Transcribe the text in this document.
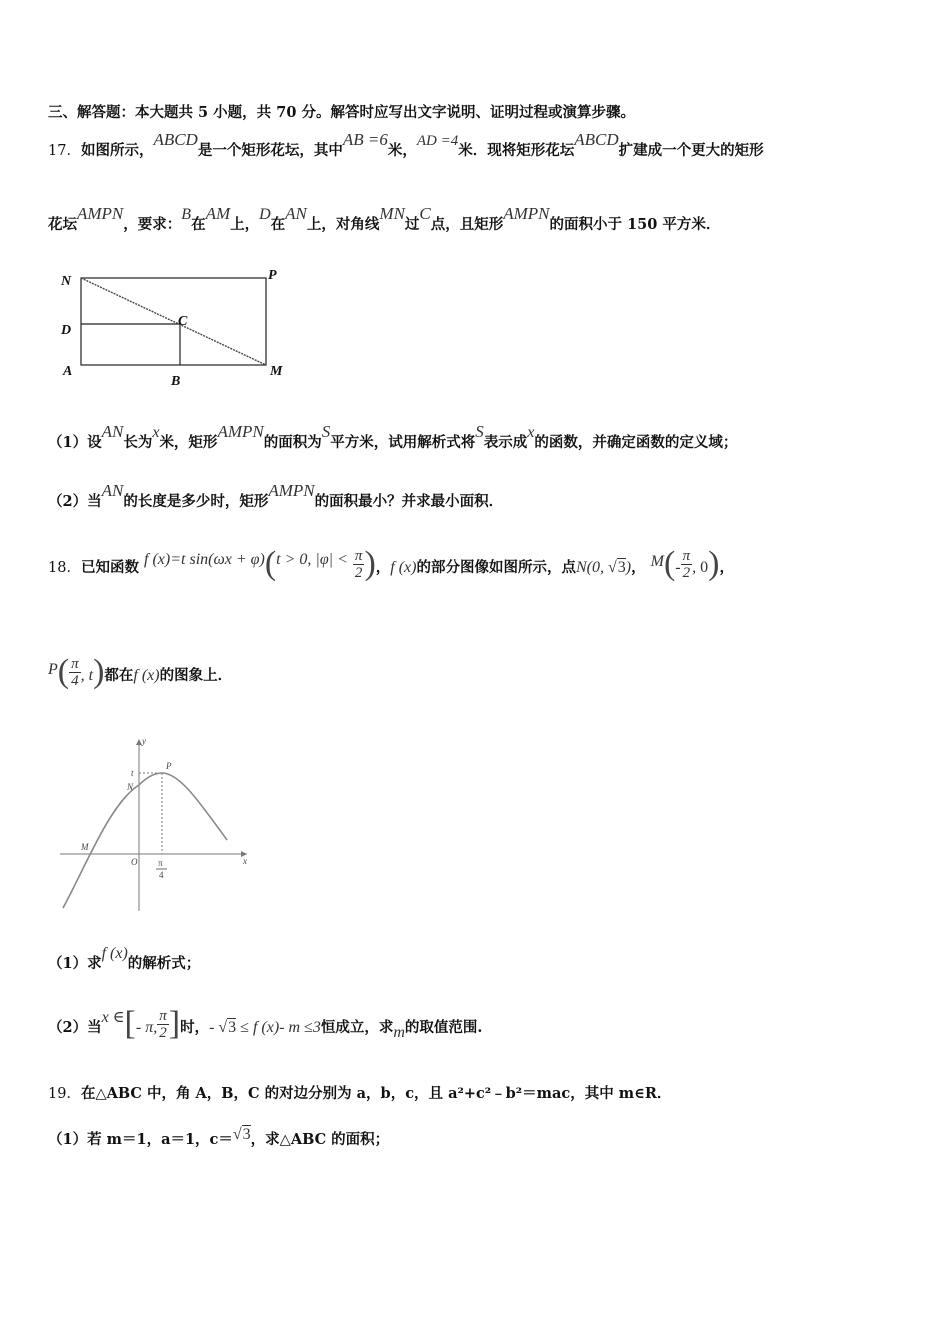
三、解答题：本大题共 5 小题，共 70 分。解答时应写出文字说明、证明过程或演算步骤。
17．如图所示，ABCD是一个矩形花坛，其中AB =6米，AD =4米．现将矩形花坛ABCD扩建成一个更大的矩形
花坛AMPN，要求：B在AM上，D在AN上，对角线MN过C点，且矩形AMPN的面积小于 150 平方米．
N	P
D
C
A
B
M
（1）设AN长为x米，矩形AMPN的面积为S平方米，试用解析式将S表示成x的函数，并确定函数的定义域；
（2）当AN的长度是多少时，矩形AMPN的面积最小？并求最小面积．
18．已知函数 f (x)=t sin(ωx + φ)(t > 0, $|\varphi| < \frac{\pi}{2}$ )，f (x)的部分图像如图所示，点N(0, √3)， $M(- \frac{\pi}{2}$ , 0)，
$P( \frac{\pi}{4}$ , t)都在f (x)的图象上．
y
t
P
N
M
O	x
π
4
（1）求f (x)的解析式；
（2）当x ∈[- π, $\frac{\pi}{2}$ ]时，- √3 ≤ f (x)- m ≤3恒成立，求m的取值范围.
19．在△ABC 中，角 A，B，C 的对边分别为 a，b，c，且 a²+c²﹣b²＝mac，其中 m∈R．
（1）若 m＝1，a＝1，c＝√3，求△ABC 的面积；
